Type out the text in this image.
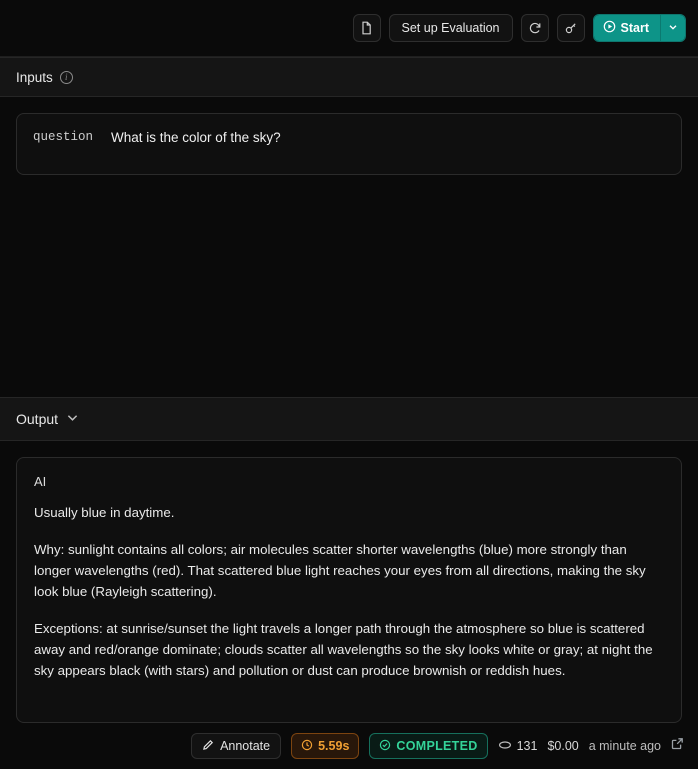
Set up Evaluation	Start
Inputs	i
question What is the color of the sky?
Output
AI

Usually blue in daytime.

Why: sunlight contains all colors; air molecules scatter shorter wavelengths (blue) more strongly than longer wavelengths (red). That scattered blue light reaches your eyes from all directions, making the sky look blue (Rayleigh scattering).

Exceptions: at sunrise/sunset the light travels a longer path through the atmosphere so blue is scattered away and red/orange dominate; clouds scatter all wavelengths so the sky looks white or gray; at night the sky appears black (with stars) and pollution or dust can produce brownish or reddish hues.

Annotate	5.59s	COMPLETED	131 $0.00 a minute ago
